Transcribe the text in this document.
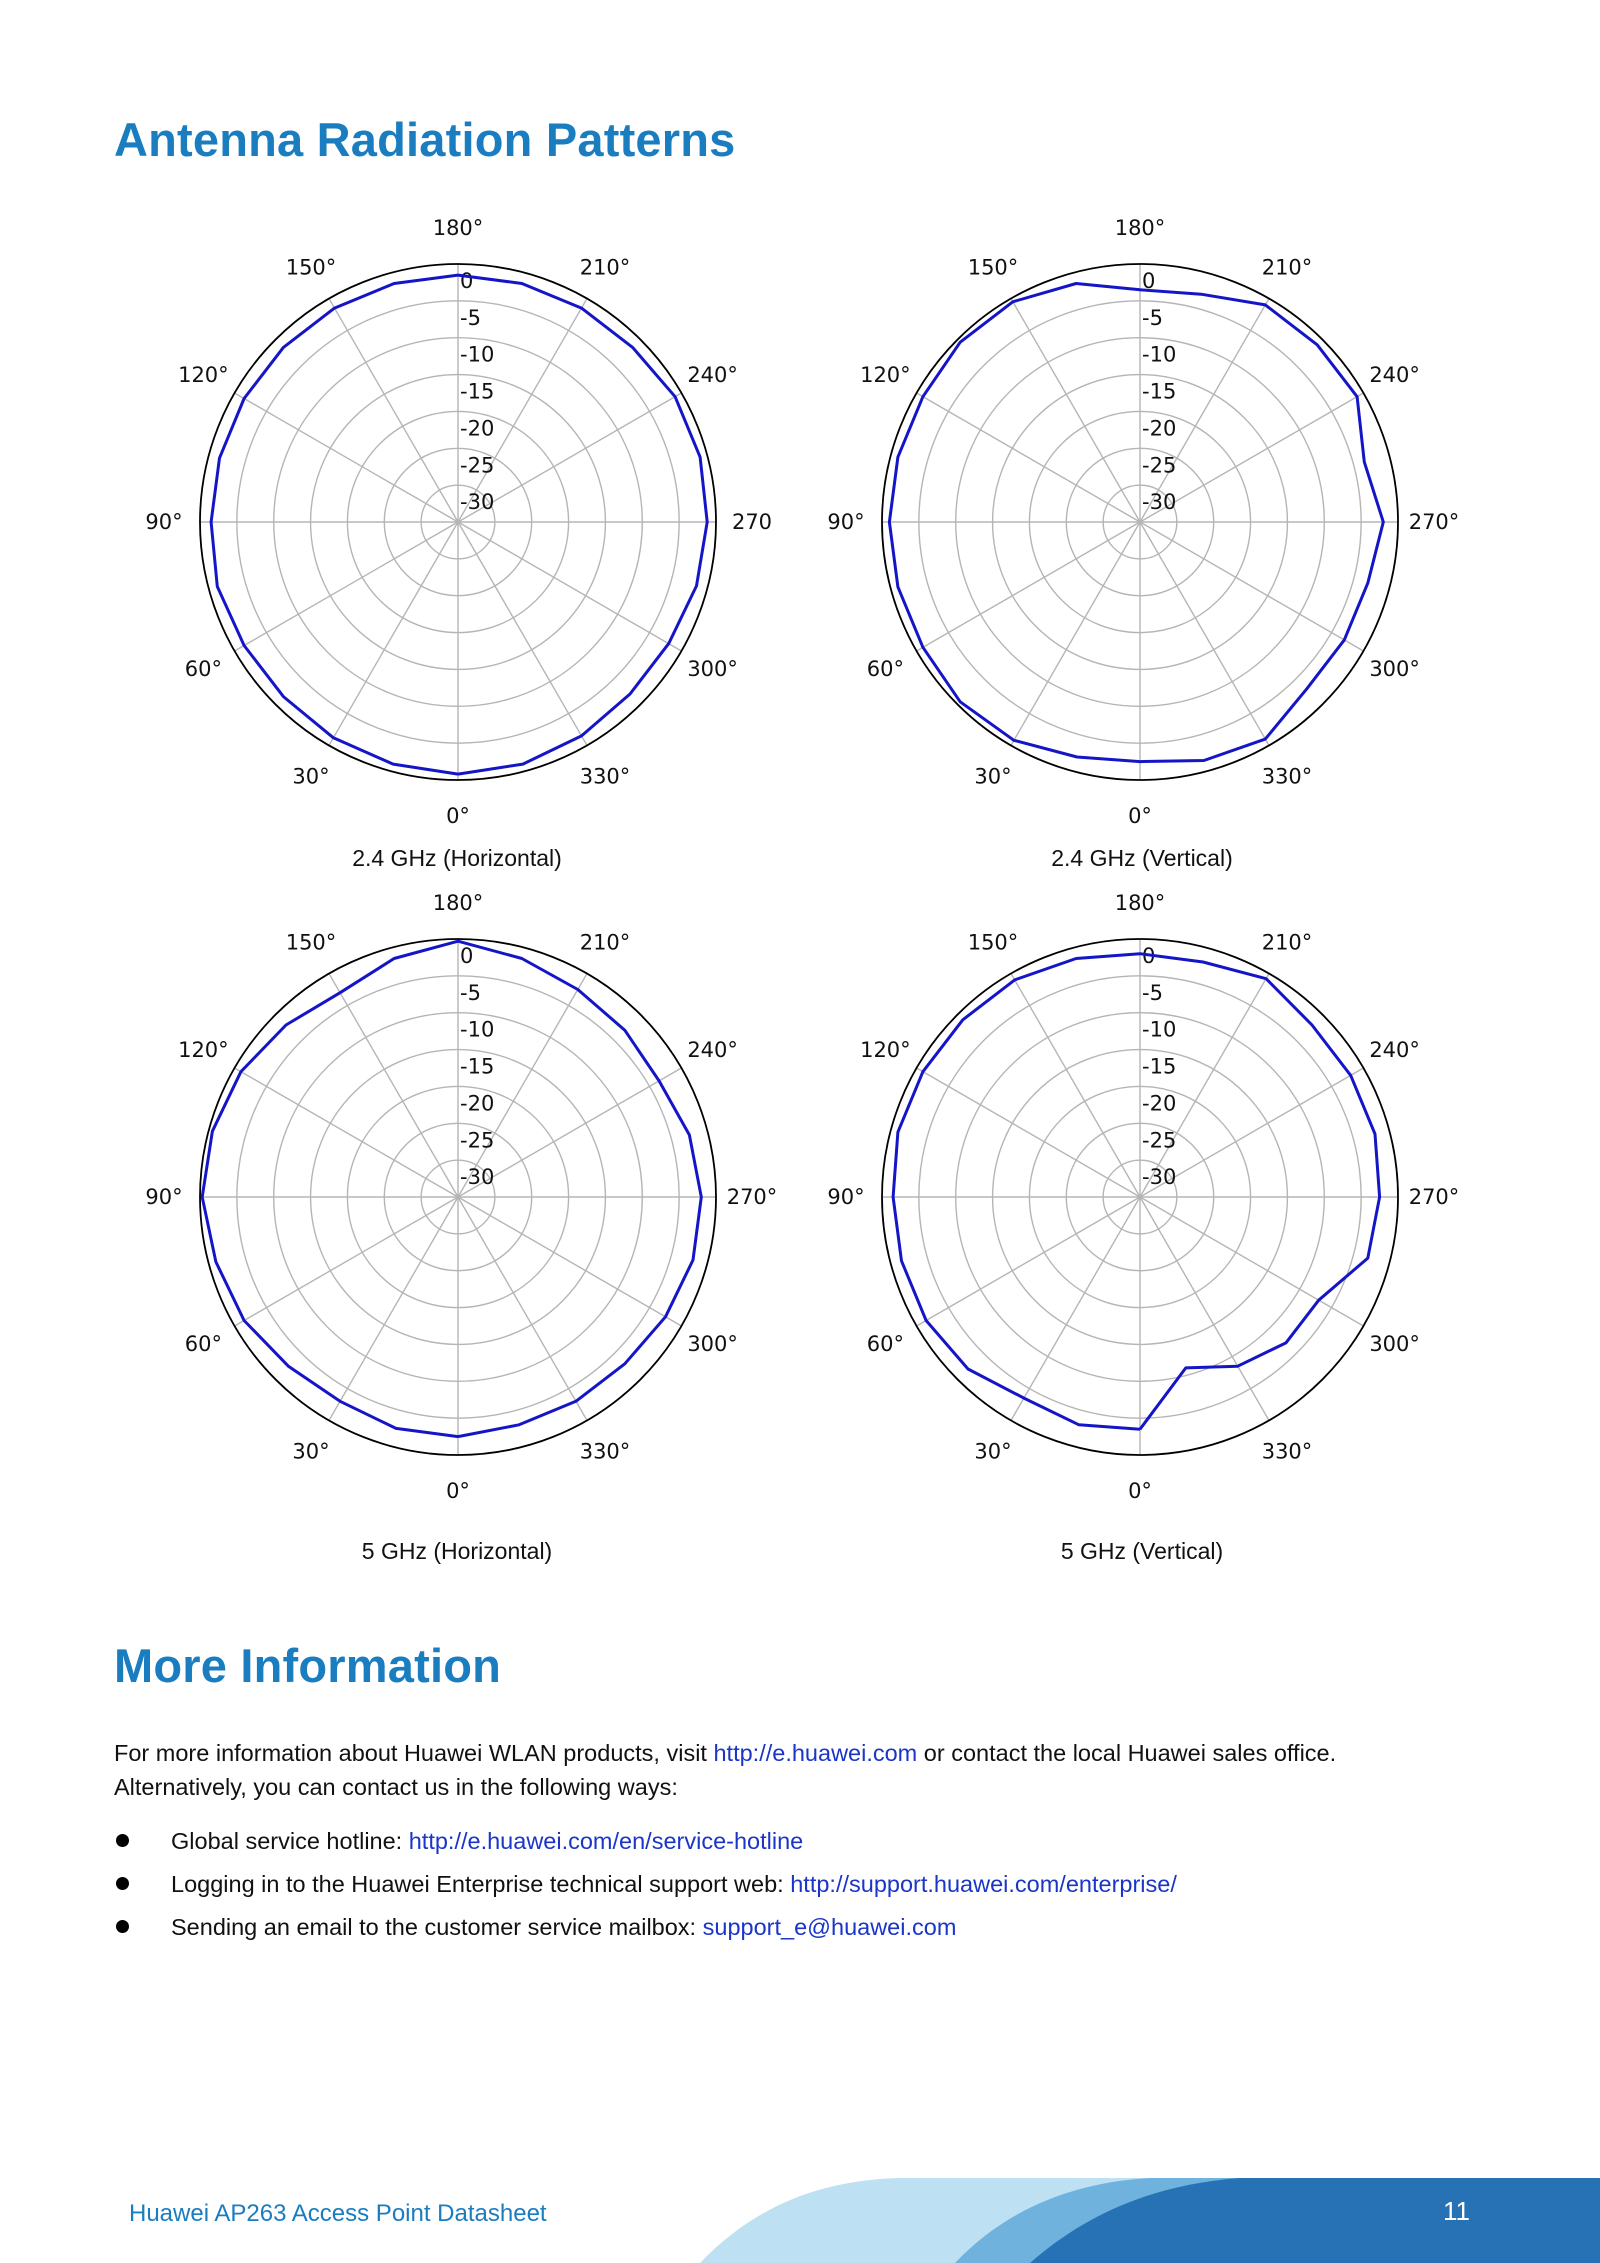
Antenna Radiation Patterns
0
-5
-10
-15
-20
-25
-30
0°
30°
60°
90°
120°
150°
180°
210°
240°
270
300°
330°
2.4 GHz (Horizontal)
0
-5
-10
-15
-20
-25
-30
0°
30°
60°
90°
120°
150°
180°
210°
240°
270°
300°
330°
2.4 GHz (Vertical)
0
-5
-10
-15
-20
-25
-30
0°
30°
60°
90°
120°
150°
180°
210°
240°
270°
300°
330°
5 GHz (Horizontal)
0
-5
-10
-15
-20
-25
-30
0°
30°
60°
90°
120°
150°
180°
210°
240°
270°
300°
330°
5 GHz (Vertical)
More Information
For more information about Huawei WLAN products, visit http://e.huawei.com or contact the local Huawei sales office.
Alternatively, you can contact us in the following ways:
Global service hotline: http://e.huawei.com/en/service-hotline
Logging in to the Huawei Enterprise technical support web: http://support.huawei.com/enterprise/
Sending an email to the customer service mailbox: support_e@huawei.com
Huawei AP263 Access Point Datasheet	11
